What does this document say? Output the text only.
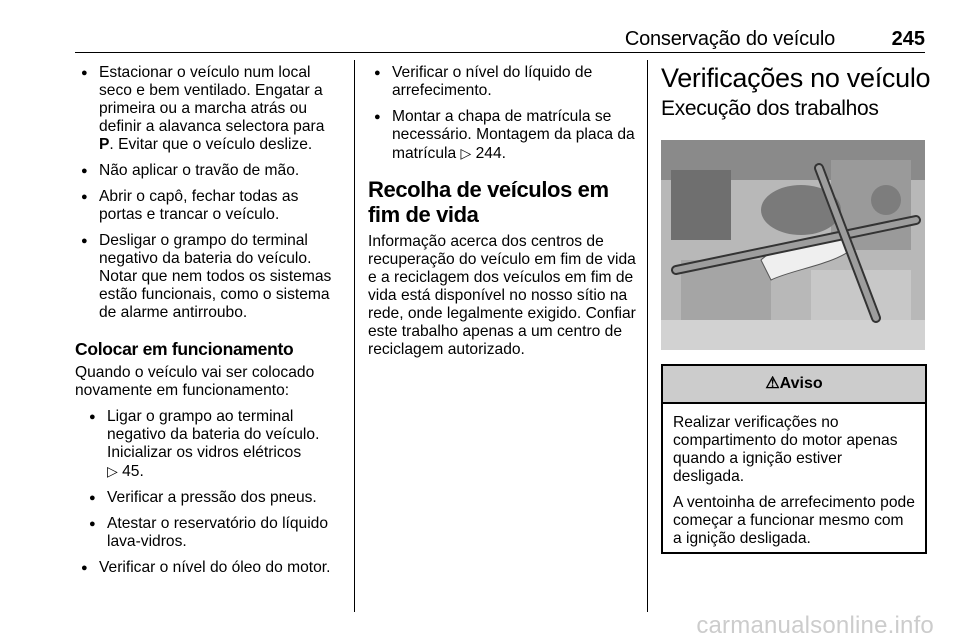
Conservação do veículo	245
● Estacionar o veículo num local seco e bem ventilado. Engatar a primeira ou a marcha atrás ou definir a alavanca selectora para P. Evitar que o veículo deslize.
● Não aplicar o travão de mão.
● Abrir o capô, fechar todas as portas e trancar o veículo.
● Desligar o grampo do terminal negativo da bateria do veículo. Notar que nem todos os sistemas estão funcionais, como o sistema de alarme antirroubo.
Colocar em funcionamento

Quando o veículo vai ser colocado novamente em funcionamento:

● Ligar o grampo ao terminal negativo da bateria do veículo. Inicializar os vidros elétricos
▷ 45.
● Verificar a pressão dos pneus.
● Atestar o reservatório do líquido lava-vidros.
● Verificar o nível do óleo do motor.
● Verificar o nível do líquido de arrefecimento.
● Montar a chapa de matrícula se necessário. Montagem da placa da matrícula ▷ 244.
Recolha de veículos em fim de vida

Informação acerca dos centros de recuperação do veículo em fim de vida e a reciclagem dos veículos em fim de vida está disponível no nosso sítio na rede, onde legalmente exigido. Confiar este trabalho apenas a um centro de reciclagem autorizado.

Verificações no veículo
Execução dos trabalhos
⚠Aviso

Realizar verificações no compartimento do motor apenas quando a ignição estiver desligada.

A ventoinha de arrefecimento pode começar a funcionar mesmo com a ignição desligada.

carmanualsonline.info
